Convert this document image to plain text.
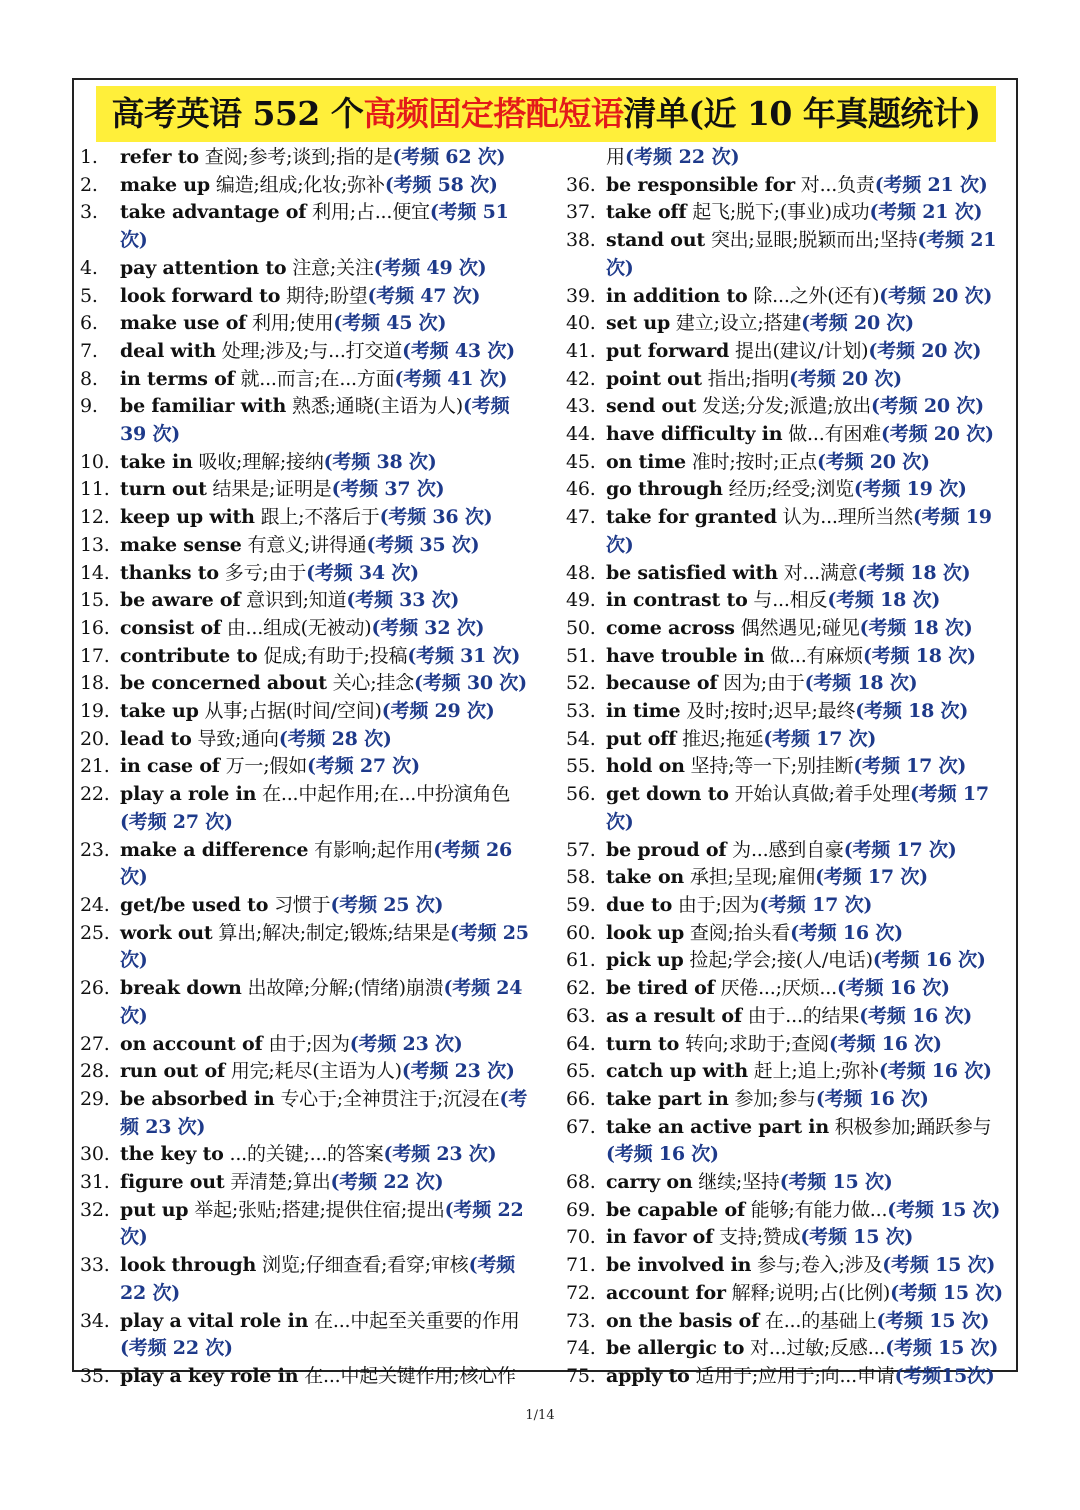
高考英语 552 个高频固定搭配短语清单(近 10 年真题统计)
1.	refer to 查阅;参考;谈到;指的是(考频 62 次)
2.	make up 编造;组成;化妆;弥补(考频 58 次)
3.	take advantage of 利用;占...便宜(考频 51 次)
4.	pay attention to 注意;关注(考频 49 次)
5.	look forward to 期待;盼望(考频 47 次)
6.	make use of 利用;使用(考频 45 次)
7.	deal with 处理;涉及;与...打交道(考频 43 次)
8.	in terms of 就...而言;在...方面(考频 41 次)
9.	be familiar with 熟悉;通晓(主语为人)(考频 39 次)
10. take in 吸收;理解;接纳(考频 38 次)
11. turn out 结果是;证明是(考频 37 次)
12. keep up with 跟上;不落后于(考频 36 次)
13. make sense 有意义;讲得通(考频 35 次)
14. thanks to 多亏;由于(考频 34 次)
15. be aware of 意识到;知道(考频 33 次)
16. consist of 由...组成(无被动)(考频 32 次)
17. contribute to 促成;有助于;投稿(考频 31 次)
18. be concerned about 关心;挂念(考频 30 次)
19. take up 从事;占据(时间/空间)(考频 29 次)
20. lead to 导致;通向(考频 28 次)
21. in case of 万一;假如(考频 27 次)
22. play a role in 在...中起作用;在...中扮演角色(考频 27 次)
23. make a difference 有影响;起作用(考频 26 次)
24. get/be used to 习惯于(考频 25 次)
25. work out 算出;解决;制定;锻炼;结果是(考频 25 次)
26. break down 出故障;分解;(情绪)崩溃(考频 24 次)
27. on account of 由于;因为(考频 23 次)
28. run out of 用完;耗尽(主语为人)(考频 23 次)
29. be absorbed in 专心于;全神贯注于;沉浸在(考频 23 次)
30. the key to ...的关键;...的答案(考频 23 次)
31. figure out 弄清楚;算出(考频 22 次)
32. put up 举起;张贴;搭建;提供住宿;提出(考频 22 次)
33. look through 浏览;仔细查看;看穿;审核(考频 22 次)
34. play a vital role in 在...中起至关重要的作用(考频 22 次)
35. play a key role in 在...中起关键作用;核心作
用(考频 22 次)
36. be responsible for 对...负责(考频 21 次)
37. take off 起飞;脱下;(事业)成功(考频 21 次)
38. stand out 突出;显眼;脱颖而出;坚持(考频 21 次)
39. in addition to 除...之外(还有)(考频 20 次)
40. set up 建立;设立;搭建(考频 20 次)
41. put forward 提出(建议/计划)(考频 20 次)
42. point out 指出;指明(考频 20 次)
43. send out 发送;分发;派遣;放出(考频 20 次)
44. have difficulty in 做...有困难(考频 20 次)
45. on time 准时;按时;正点(考频 20 次)
46. go through 经历;经受;浏览(考频 19 次)
47. take for granted 认为...理所当然(考频 19 次)
48. be satisfied with 对...满意(考频 18 次)
49. in contrast to 与...相反(考频 18 次)
50. come across 偶然遇见;碰见(考频 18 次)
51. have trouble in 做...有麻烦(考频 18 次)
52. because of 因为;由于(考频 18 次)
53. in time 及时;按时;迟早;最终(考频 18 次)
54. put off 推迟;拖延(考频 17 次)
55. hold on 坚持;等一下;别挂断(考频 17 次)
56. get down to 开始认真做;着手处理(考频 17 次)
57. be proud of 为...感到自豪(考频 17 次)
58. take on 承担;呈现;雇佣(考频 17 次)
59. due to 由于;因为(考频 17 次)
60. look up 查阅;抬头看(考频 16 次)
61. pick up 捡起;学会;接(人/电话)(考频 16 次)
62. be tired of 厌倦...;厌烦...(考频 16 次)
63. as a result of 由于...的结果(考频 16 次)
64. turn to 转向;求助于;查阅(考频 16 次)
65. catch up with 赶上;追上;弥补(考频 16 次)
66. take part in 参加;参与(考频 16 次)
67. take an active part in 积极参加;踊跃参与(考频 16 次)
68. carry on 继续;坚持(考频 15 次)
69. be capable of 能够;有能力做...(考频 15 次)
70. in favor of 支持;赞成(考频 15 次)
71. be involved in 参与;卷入;涉及(考频 15 次)
72. account for 解释;说明;占(比例)(考频 15 次)
73. on the basis of 在...的基础上(考频 15 次)
74. be allergic to 对...过敏;反感...(考频 15 次)
75. apply to 适用于;应用于;向...申请(考频15次)
1/14
